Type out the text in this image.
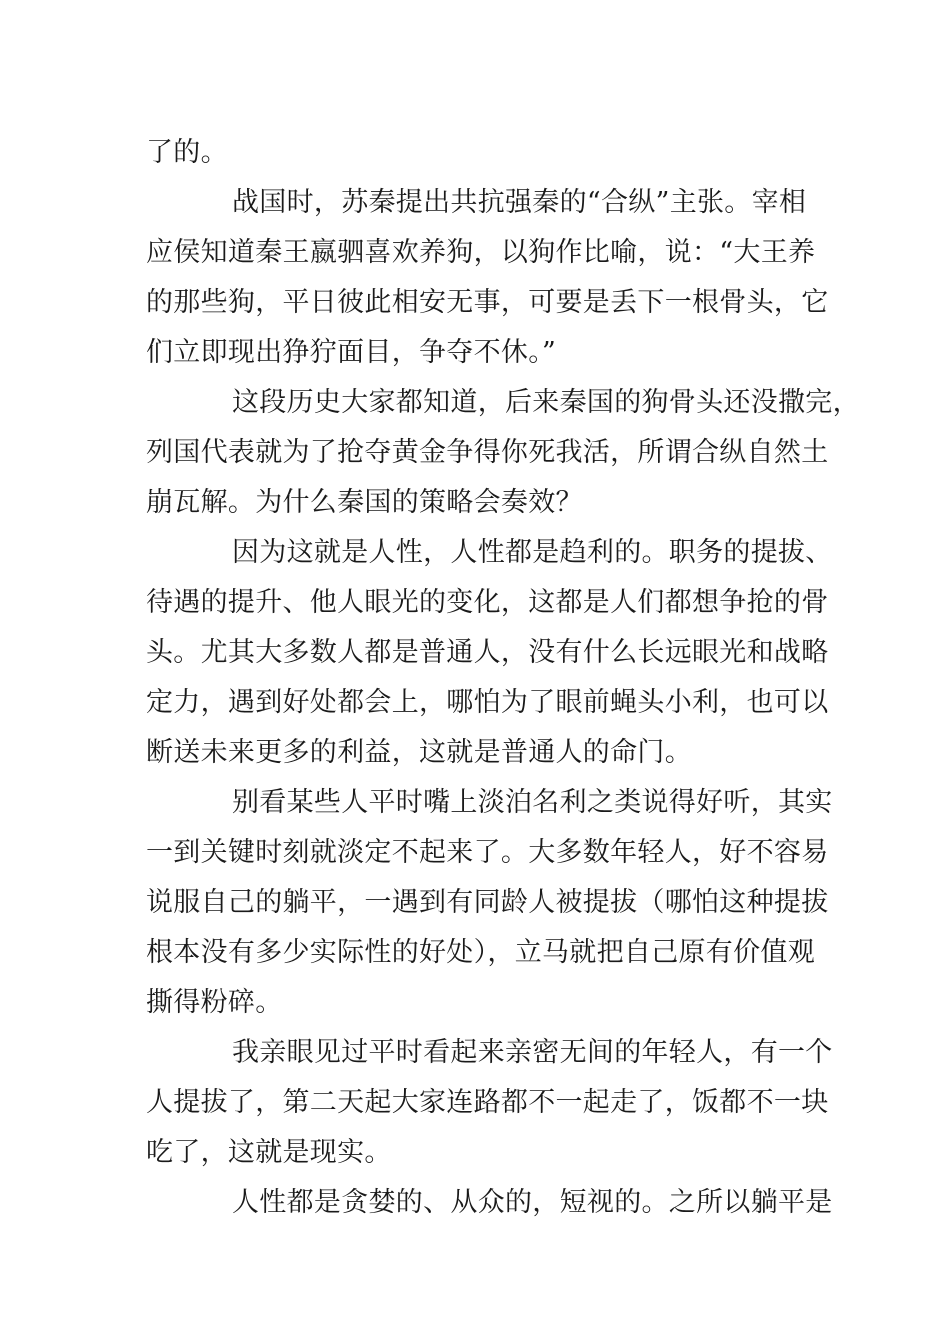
了的。
战国时，苏秦提出共抗强秦的“合纵”主张。宰相
应侯知道秦王嬴驷喜欢养狗，以狗作比喻，说：“大王养
的那些狗，平日彼此相安无事，可要是丢下一根骨头，它
们立即现出狰狞面目，争夺不休。”
这段历史大家都知道，后来秦国的狗骨头还没撒完，
列国代表就为了抢夺黄金争得你死我活，所谓合纵自然土
崩瓦解。为什么秦国的策略会奏效？
因为这就是人性，人性都是趋利的。职务的提拔、
待遇的提升、他人眼光的变化，这都是人们都想争抢的骨
头。尤其大多数人都是普通人，没有什么长远眼光和战略
定力，遇到好处都会上，哪怕为了眼前蝇头小利，也可以
断送未来更多的利益，这就是普通人的命门。
别看某些人平时嘴上淡泊名利之类说得好听，其实
一到关键时刻就淡定不起来了。大多数年轻人，好不容易
说服自己的躺平，一遇到有同龄人被提拔（哪怕这种提拔
根本没有多少实际性的好处），立马就把自己原有价值观
撕得粉碎。
我亲眼见过平时看起来亲密无间的年轻人，有一个
人提拔了，第二天起大家连路都不一起走了，饭都不一块
吃了，这就是现实。
人性都是贪婪的、从众的，短视的。之所以躺平是
